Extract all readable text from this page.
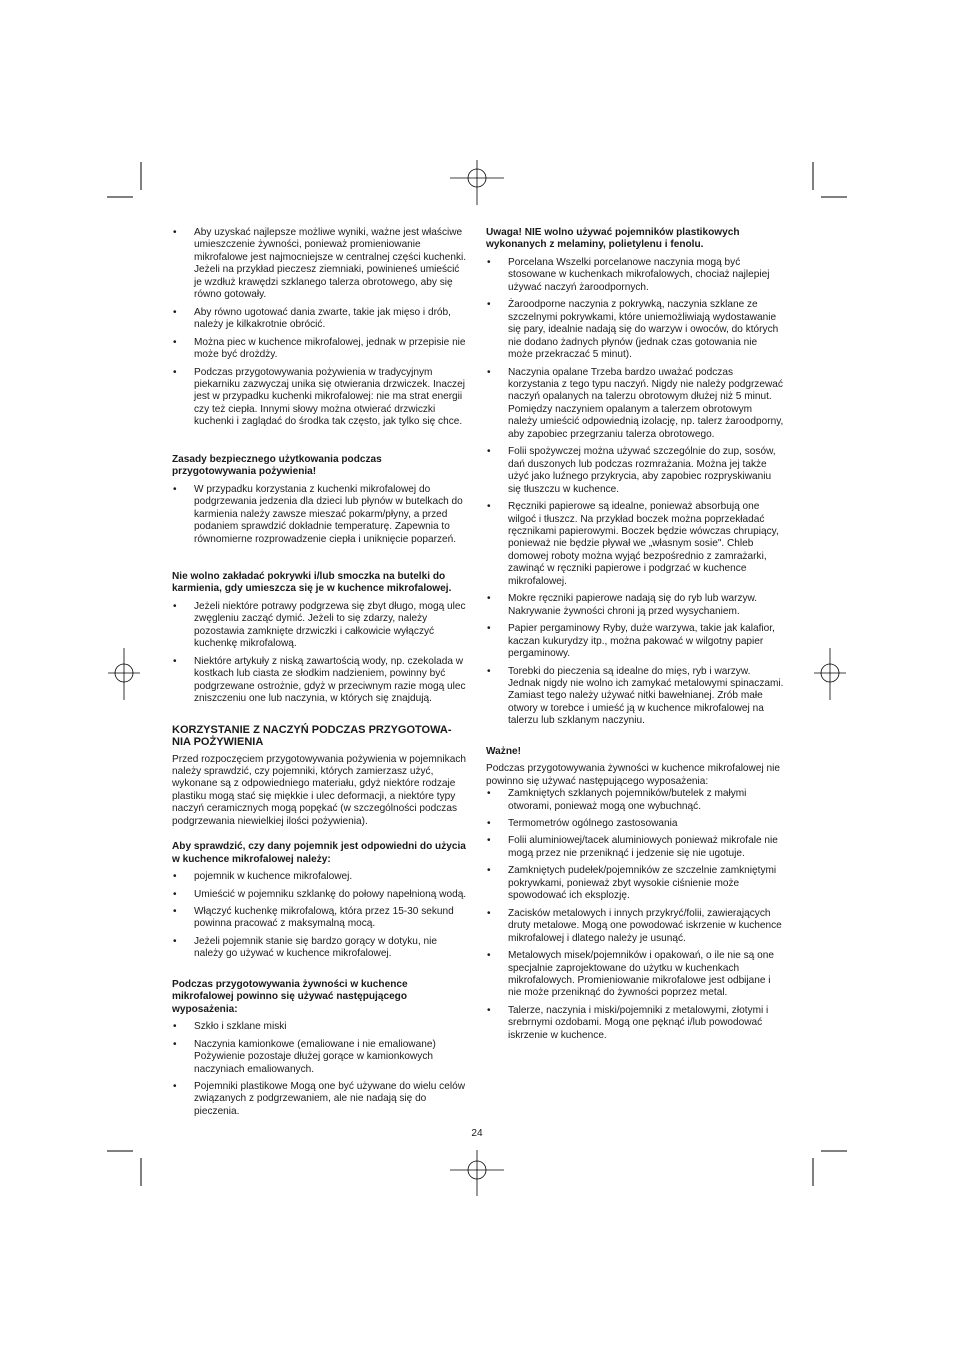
• Aby uzyskać najlepsze możliwe wyniki, ważne jest właściwe umieszczenie żywności, ponieważ promieniowanie mikrofalowe jest najmocniejsze w centralnej części kuchenki. Jeżeli na przykład pieczesz ziemniaki, powinieneś umieścić je wzdłuż krawędzi szklanego talerza obrotowego, aby się równo gotowały.
• Aby równo ugotować dania zwarte, takie jak mięso i drób, należy je kilkakrotnie obrócić.
• Można piec w kuchence mikrofalowej, jednak w przepisie nie może być drożdży.
• Podczas przygotowywania pożywienia w tradycyjnym piekarniku zazwyczaj unika się otwierania drzwiczek. Inaczej jest w przypadku kuchenki mikrofalowej: nie ma strat energii czy też ciepła. Innymi słowy można otwierać drzwiczki kuchenki i zaglądać do środka tak często, jak tylko się chce.

Zasady bezpiecznego użytkowania podczas przygotowywania pożywienia!

• W przypadku korzystania z kuchenki mikrofalowej do podgrzewania jedzenia dla dzieci lub płynów w butelkach do karmienia należy zawsze mieszać pokarm/płyny, a przed podaniem sprawdzić dokładnie temperaturę. Zapewnia to równomierne rozprowadzenie ciepła i uniknięcie poparzeń.

Nie wolno zakładać pokrywki i/lub smoczka na butelki do karmienia, gdy umieszcza się je w kuchence mikrofalowej.

• Jeżeli niektóre potrawy podgrzewa się zbyt długo, mogą ulec zwęgleniu zacząć dymić. Jeżeli to się zdarzy, należy pozostawia zamknięte drzwiczki i całkowicie wyłączyć kuchenkę mikrofalową.
• Niektóre artykuły z niską zawartością wody, np. czekolada w kostkach lub ciasta ze słodkim nadzieniem, powinny być podgrzewane ostrożnie, gdyż w przeciwnym razie mogą ulec zniszczeniu one lub naczynia, w których się znajdują.

KORZYSTANIE Z NACZYŃ PODCZAS PRZYGOTOWA-NIA POŻYWIENIA

Przed rozpoczęciem przygotowywania pożywienia w pojemnikach należy sprawdzić, czy pojemniki, których zamierzasz użyć, wykonane są z odpowiedniego materiału, gdyż niektóre rodzaje plastiku mogą stać się miękkie i ulec deformacji, a niektóre typy naczyń ceramicznych mogą popękać (w szczególności podczas podgrzewania niewielkiej ilości pożywienia).

Aby sprawdzić, czy dany pojemnik jest odpowiedni do użycia w kuchence mikrofalowej należy:

• pojemnik w kuchence mikrofalowej.
• Umieścić w pojemniku szklankę do połowy napełnioną wodą.
• Włączyć kuchenkę mikrofalową, która przez 15-30 sekund powinna pracować z maksymalną mocą.
• Jeżeli pojemnik stanie się bardzo gorący w dotyku, nie należy go używać w kuchence mikrofalowej.

Podczas przygotowywania żywności w kuchence mikrofalowej powinno się używać następującego wyposażenia:

• Szkło i szklane miski
• Naczynia kamionkowe (emaliowane i nie emaliowane) Pożywienie pozostaje dłużej gorące w kamionkowych naczyniach emaliowanych.
• Pojemniki plastikowe Mogą one być używane do wielu celów związanych z podgrzewaniem, ale nie nadają się do pieczenia.

Uwaga! NIE wolno używać pojemników plastikowych wykonanych z melaminy, polietylenu i fenolu.

• Porcelana Wszelki porcelanowe naczynia mogą być stosowane w kuchenkach mikrofalowych, chociaż najlepiej używać naczyń żaroodpornych.
• Żaroodporne naczynia z pokrywką, naczynia szklane ze szczelnymi pokrywkami, które uniemożliwiają wydostawanie się pary, idealnie nadają się do warzyw i owoców, do których nie dodano żadnych płynów (jednak czas gotowania nie może przekraczać 5 minut).
• Naczynia opalane Trzeba bardzo uważać podczas korzystania z tego typu naczyń. Nigdy nie należy podgrzewać naczyń opalanych na talerzu obrotowym dłużej niż 5 minut. Pomiędzy naczyniem opalanym a talerzem obrotowym należy umieścić odpowiednią izolację, np. talerz żaroodporny, aby zapobiec przegrzaniu talerza obrotowego.
• Folii spożywczej można używać szczególnie do zup, sosów, dań duszonych lub podczas rozmrażania. Można jej także użyć jako luźnego przykrycia, aby zapobiec rozpryskiwaniu się tłuszczu w kuchence.
• Ręczniki papierowe są idealne, ponieważ absorbują one wilgoć i tłuszcz. Na przykład boczek można poprzekładać ręcznikami papierowymi. Boczek będzie wówczas chrupiący, ponieważ nie będzie pływał we „własnym sosie". Chleb domowej roboty można wyjąć bezpośrednio z zamrażarki, zawinąć w ręczniki papierowe i podgrzać w kuchence mikrofalowej.
• Mokre ręczniki papierowe nadają się do ryb lub warzyw. Nakrywanie żywności chroni ją przed wysychaniem.
• Papier pergaminowy Ryby, duże warzywa, takie jak kalafior, kaczan kukurydzy itp., można pakować w wilgotny papier pergaminowy.
• Torebki do pieczenia są idealne do mięs, ryb i warzyw. Jednak nigdy nie wolno ich zamykać metalowymi spinaczami. Zamiast tego należy używać nitki bawełnianej. Zrób małe otwory w torebce i umieść ją w kuchence mikrofalowej na talerzu lub szklanym naczyniu.

Ważne!

Podczas przygotowywania żywności w kuchence mikrofalowej nie powinno się używać następującego wyposażenia:

• Zamkniętych szklanych pojemników/butelek z małymi otworami, ponieważ mogą one wybuchnąć.
• Termometrów ogólnego zastosowania
• Folii aluminiowej/tacek aluminiowych ponieważ mikrofale nie mogą przez nie przeniknąć i jedzenie się nie ugotuje.
• Zamkniętych pudełek/pojemników ze szczelnie zamkniętymi pokrywkami, ponieważ zbyt wysokie ciśnienie może spowodować ich eksplozję.
• Zacisków metalowych i innych przykryć/folii, zawierających druty metalowe. Mogą one powodować iskrzenie w kuchence mikrofalowej i dlatego należy je usunąć.
• Metalowych misek/pojemników i opakowań, o ile nie są one specjalnie zaprojektowane do użytku w kuchenkach mikrofalowych. Promieniowanie mikrofalowe jest odbijane i nie może przeniknąć do żywności poprzez metal.
• Talerze, naczynia i miski/pojemniki z metalowymi, złotymi i srebrnymi ozdobami. Mogą one pęknąć i/lub powodować iskrzenie w kuchence.
24
